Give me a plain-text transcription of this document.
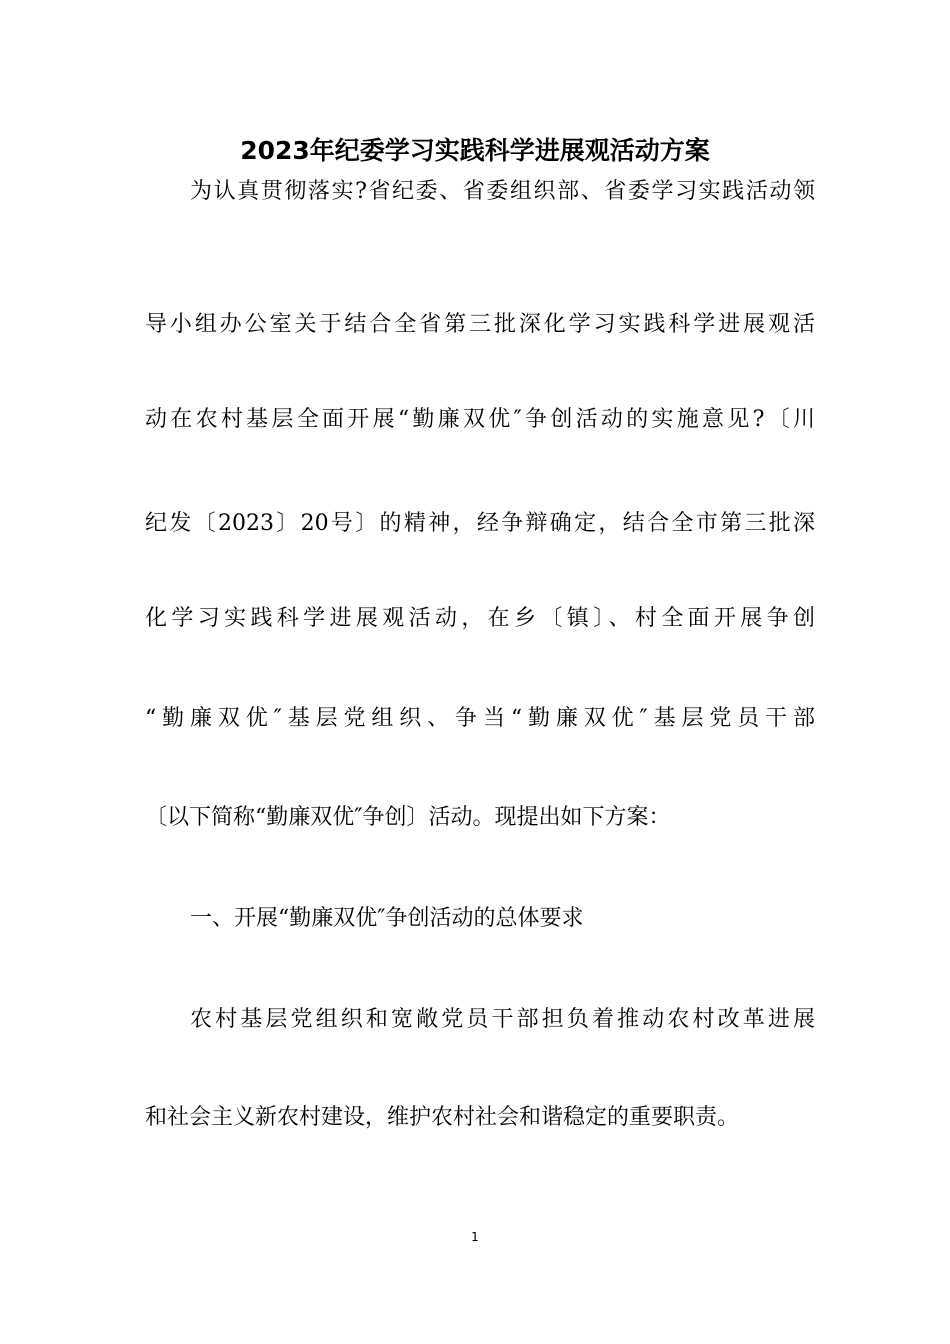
2023年纪委学习实践科学进展观活动方案
为认真贯彻落实?省纪委、省委组织部、省委学习实践活动领
导小组办公室关于结合全省第三批深化学习实践科学进展观活
动在农村基层全面开展“勤廉双优″争创活动的实施意见?〔川
纪发〔2023〕20号〕的精神，经争辩确定，结合全市第三批深
化学习实践科学进展观活动，在乡〔镇〕、村全面开展争创
“勤廉双优″基层党组织、争当“勤廉双优″基层党员干部
〔以下简称“勤廉双优″争创〕活动。现提出如下方案：
一、开展“勤廉双优″争创活动的总体要求
农村基层党组织和宽敞党员干部担负着推动农村改革进展
和社会主义新农村建设，维护农村社会和谐稳定的重要职责。
1
